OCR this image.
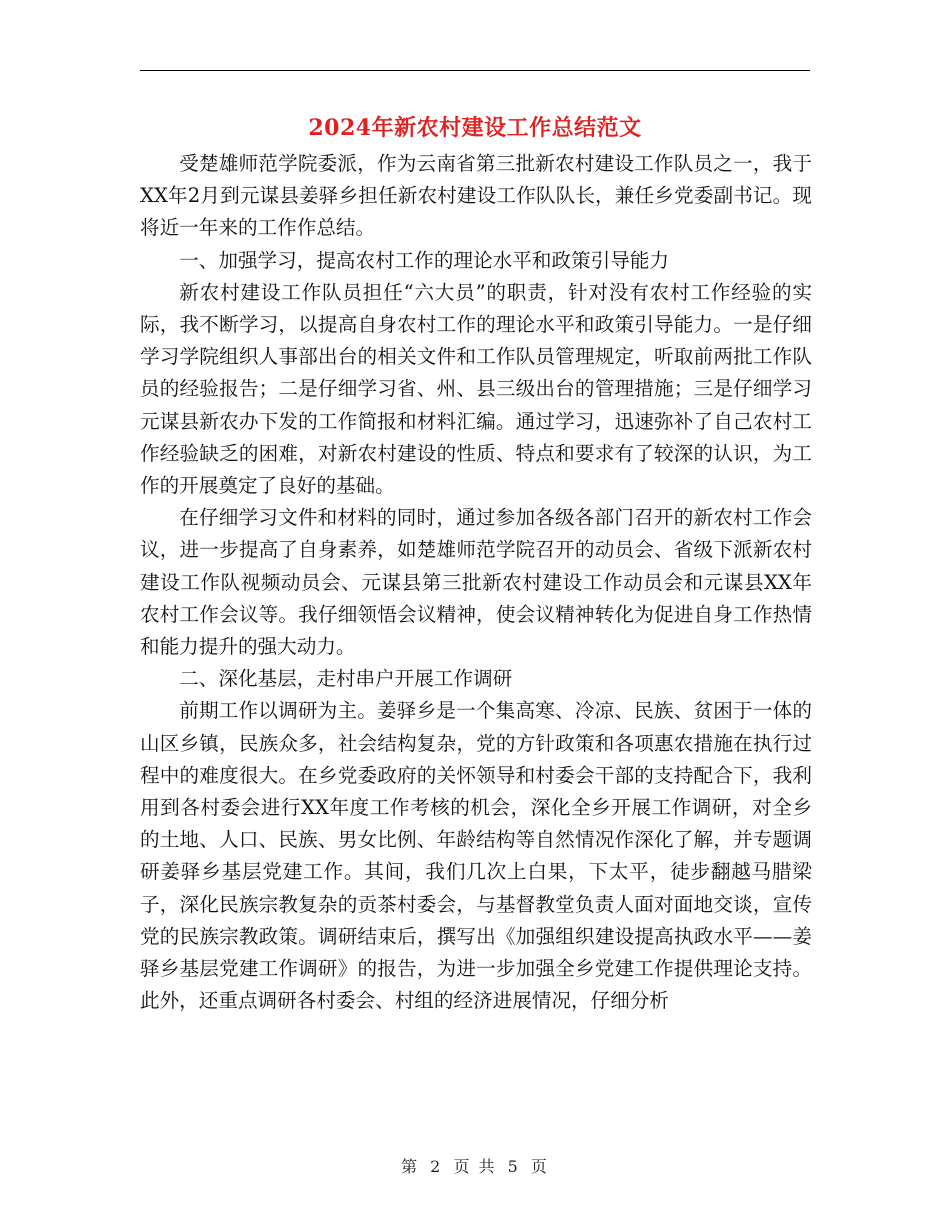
2024年新农村建设工作总结范文

受楚雄师范学院委派，作为云南省第三批新农村建设工作队员之一，我于XX年2月到元谋县姜驿乡担任新农村建设工作队队长，兼任乡党委副书记。现将近一年来的工作作总结。

一、加强学习，提高农村工作的理论水平和政策引导能力

新农村建设工作队员担任“六大员”的职责，针对没有农村工作经验的实际，我不断学习，以提高自身农村工作的理论水平和政策引导能力。一是仔细学习学院组织人事部出台的相关文件和工作队员管理规定，听取前两批工作队员的经验报告；二是仔细学习省、州、县三级出台的管理措施；三是仔细学习元谋县新农办下发的工作简报和材料汇编。通过学习，迅速弥补了自己农村工作经验缺乏的困难，对新农村建设的性质、特点和要求有了较深的认识，为工作的开展奠定了良好的基础。

在仔细学习文件和材料的同时，通过参加各级各部门召开的新农村工作会议，进一步提高了自身素养，如楚雄师范学院召开的动员会、省级下派新农村建设工作队视频动员会、元谋县第三批新农村建设工作动员会和元谋县XX年农村工作会议等。我仔细领悟会议精神，使会议精神转化为促进自身工作热情和能力提升的强大动力。

二、深化基层，走村串户开展工作调研

前期工作以调研为主。姜驿乡是一个集高寒、冷凉、民族、贫困于一体的山区乡镇，民族众多，社会结构复杂，党的方针政策和各项惠农措施在执行过程中的难度很大。在乡党委政府的关怀领导和村委会干部的支持配合下，我利用到各村委会进行XX年度工作考核的机会，深化全乡开展工作调研，对全乡的土地、人口、民族、男女比例、年龄结构等自然情况作深化了解，并专题调研姜驿乡基层党建工作。其间，我们几次上白果，下太平，徒步翻越马腊梁子，深化民族宗教复杂的贡茶村委会，与基督教堂负责人面对面地交谈，宣传党的民族宗教政策。调研结束后，撰写出《加强组织建设提高执政水平——姜驿乡基层党建工作调研》的报告，为进一步加强全乡党建工作提供理论支持。此外，还重点调研各村委会、村组的经济进展情况，仔细分析

第 2 页 共 5 页
